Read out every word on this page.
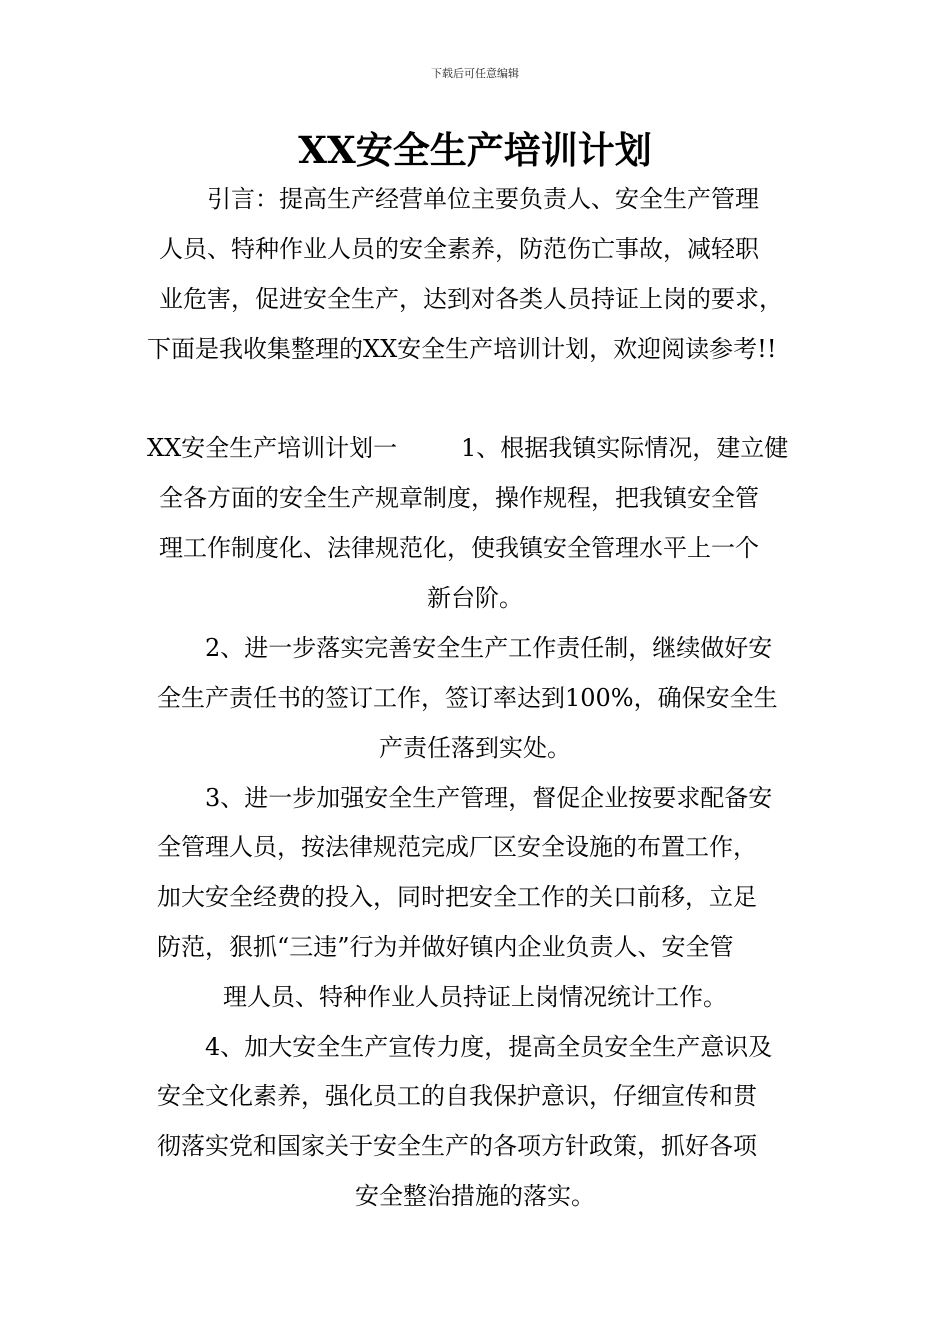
下载后可任意编辑
XX安全生产培训计划
引言：提高生产经营单位主要负责人、安全生产管理
人员、特种作业人员的安全素养，防范伤亡事故，减轻职
业危害，促进安全生产，达到对各类人员持证上岗的要求，
下面是我收集整理的XX安全生产培训计划，欢迎阅读参考!!
XX安全生产培训计划一	1、根据我镇实际情况，建立健
全各方面的安全生产规章制度，操作规程，把我镇安全管
理工作制度化、法律规范化，使我镇安全管理水平上一个
新台阶。
2、进一步落实完善安全生产工作责任制，继续做好安
全生产责任书的签订工作，签订率达到100%，确保安全生
产责任落到实处。
3、进一步加强安全生产管理，督促企业按要求配备安
全管理人员，按法律规范完成厂区安全设施的布置工作，
加大安全经费的投入，同时把安全工作的关口前移，立足
防范，狠抓“三违”行为并做好镇内企业负责人、安全管
理人员、特种作业人员持证上岗情况统计工作。
4、加大安全生产宣传力度，提高全员安全生产意识及
安全文化素养，强化员工的自我保护意识，仔细宣传和贯
彻落实党和国家关于安全生产的各项方针政策，抓好各项
安全整治措施的落实。
